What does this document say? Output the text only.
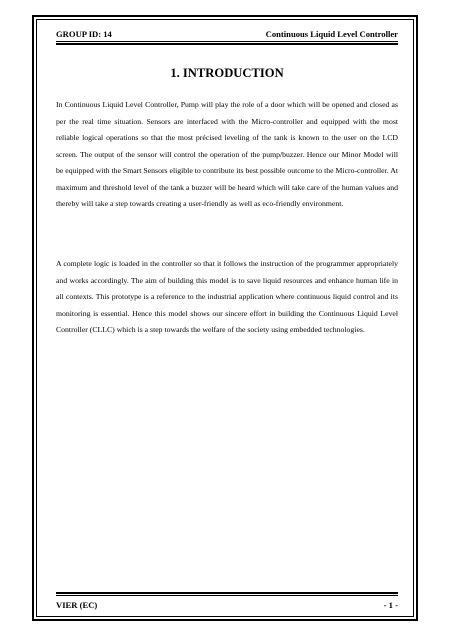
GROUP ID: 14	Continuous Liquid Level Controller
1. INTRODUCTION

In Continuous Liquid Level Controller, Pump will play the role of a door which will be opened and closed as per the real time situation. Sensors are interfaced with the Micro-controller and equipped with the most reliable logical operations so that the most précised leveling of the tank is known to the user on the LCD screen. The output of the sensor will control the operation of the pump/buzzer. Hence our Minor Model will be equipped with the Smart Sensors eligible to contribute its best possible outcome to the Micro-controller. At maximum and threshold level of the tank a buzzer will be heard which will take care of the human values and thereby will take a step towards creating a user-friendly as well as eco-friendly environment.

A complete logic is loaded in the controller so that it follows the instruction of the programmer appropriately and works accordingly. The aim of building this model is to save liquid resources and enhance human life in all contexts. This prototype is a reference to the industrial application where continuous liquid control and its monitoring is essential. Hence this model shows our sincere effort in building the Continuous Liquid Level Controller (CLLC) which is a step towards the welfare of the society using embedded technologies.

VIER (EC)	- 1 -
